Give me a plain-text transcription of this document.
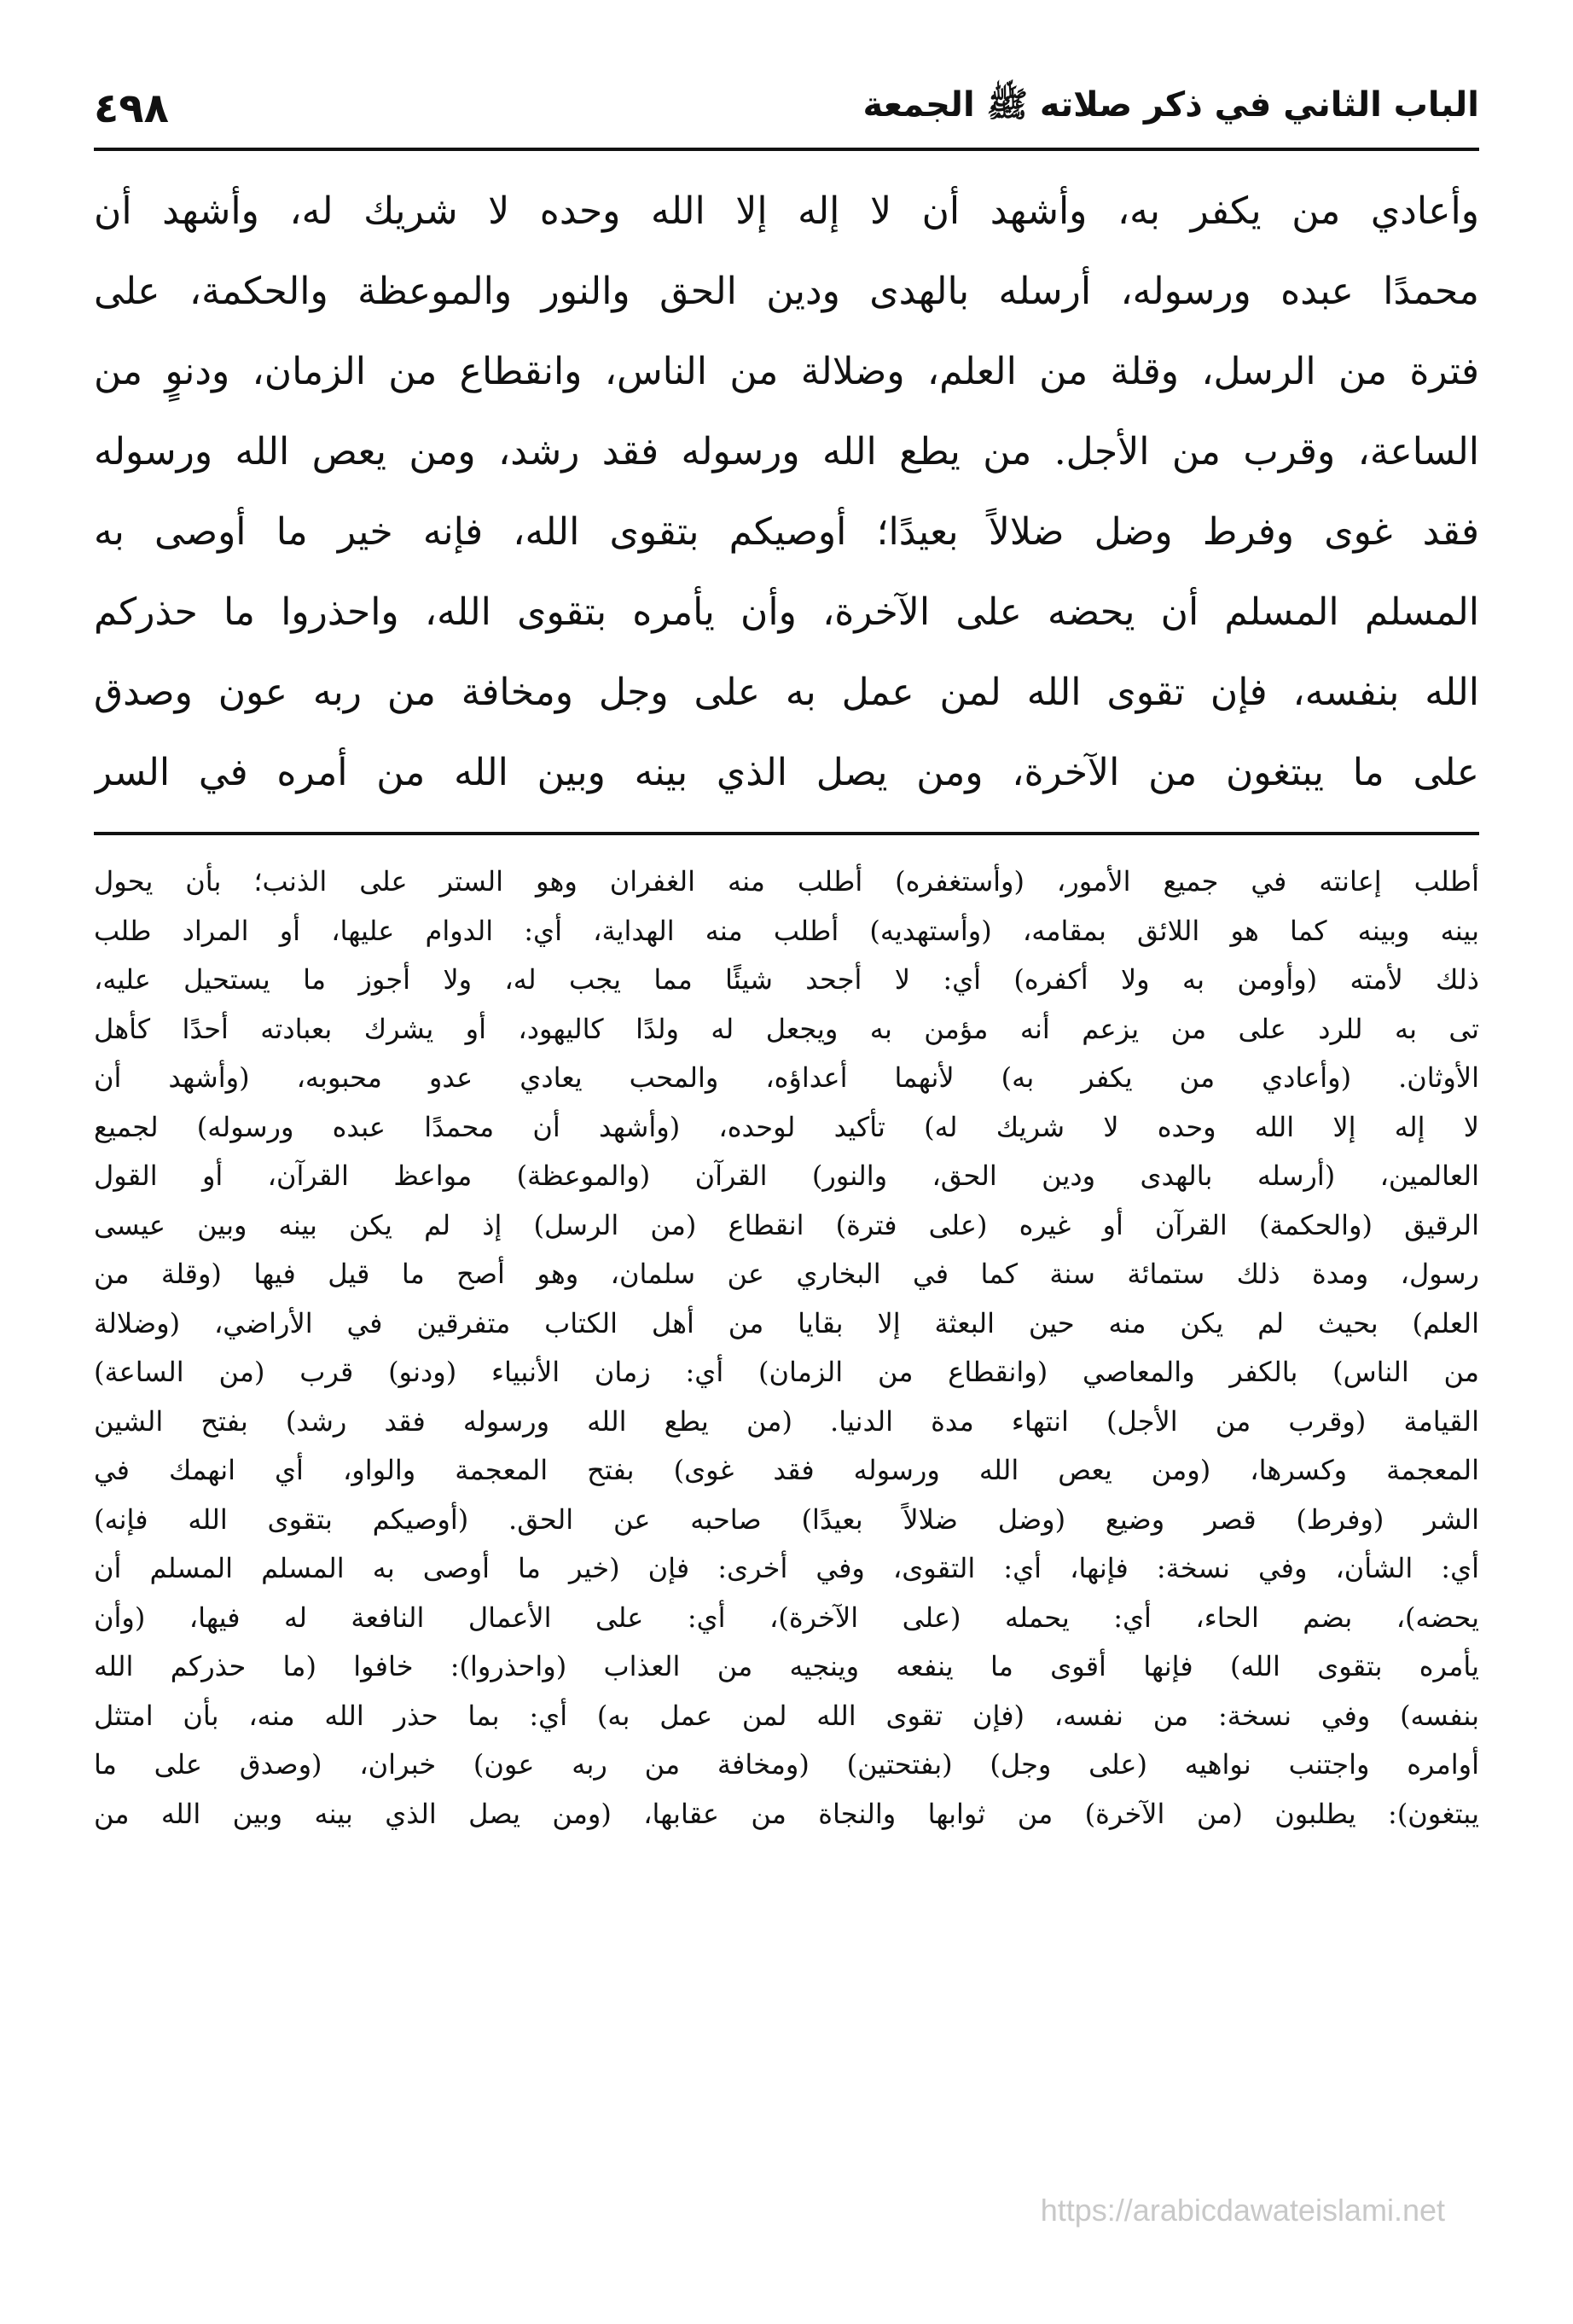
الباب الثاني في ذكر صلاته ﷺ الجمعة
٤٩٨
وأعادي من يكفر به، وأشهد أن لا إله إلا الله وحده لا شريك له، وأشهد أن
محمدًا عبده ورسوله، أرسله بالهدى ودين الحق والنور والموعظة والحكمة، على
فترة من الرسل، وقلة من العلم، وضلالة من الناس، وانقطاع من الزمان، ودنوٍ من
الساعة، وقرب من الأجل. من يطع الله ورسوله فقد رشد، ومن يعص الله ورسوله
فقد غوى وفرط وضل ضلالاً بعيدًا؛ أوصيكم بتقوى الله، فإنه خير ما أوصى به
المسلم المسلم أن يحضه على الآخرة، وأن يأمره بتقوى الله، واحذروا ما حذركم
الله بنفسه، فإن تقوى الله لمن عمل به على وجل ومخافة من ربه عون وصدق
على ما يبتغون من الآخرة، ومن يصل الذي بينه وبين الله من أمره في السر
أطلب إعانته في جميع الأمور، (وأستغفره) أطلب منه الغفران وهو الستر على الذنب؛ بأن يحول
بينه وبينه كما هو اللائق بمقامه، (وأستهديه) أطلب منه الهداية، أي: الدوام عليها، أو المراد طلب
ذلك لأمته (وأومن به ولا أكفره) أي: لا أجحد شيئًا مما يجب له، ولا أجوز ما يستحيل عليه،
تى به للرد على من يزعم أنه مؤمن به ويجعل له ولدًا كاليهود، أو يشرك بعبادته أحدًا كأهل
الأوثان. (وأعادي من يكفر به) لأنهما أعداؤه، والمحب يعادي عدو محبوبه، (وأشهد أن
لا إله إلا الله وحده لا شريك له) تأكيد لوحده، (وأشهد أن محمدًا عبده ورسوله) لجميع
العالمين، (أرسله بالهدى ودين الحق، والنور) القرآن (والموعظة) مواعظ القرآن، أو القول
الرقيق (والحكمة) القرآن أو غيره (على فترة) انقطاع (من الرسل) إذ لم يكن بينه وبين عيسى
رسول، ومدة ذلك ستمائة سنة كما في البخاري عن سلمان، وهو أصح ما قيل فيها (وقلة من
العلم) بحيث لم يكن منه حين البعثة إلا بقايا من أهل الكتاب متفرقين في الأراضي، (وضلالة
من الناس) بالكفر والمعاصي (وانقطاع من الزمان) أي: زمان الأنبياء (ودنو) قرب (من الساعة)
القيامة (وقرب من الأجل) انتهاء مدة الدنيا. (من يطع الله ورسوله فقد رشد) بفتح الشين
المعجمة وكسرها، (ومن يعص الله ورسوله فقد غوى) بفتح المعجمة والواو، أي انهمك في
الشر (وفرط) قصر وضيع (وضل ضلالاً بعيدًا) صاحبه عن الحق. (أوصيكم بتقوى الله فإنه)
أي: الشأن، وفي نسخة: فإنها، أي: التقوى، وفي أخرى: فإن (خير ما أوصى به المسلم المسلم أن
يحضه)، بضم الحاء، أي: يحمله (على الآخرة)، أي: على الأعمال النافعة له فيها، (وأن
يأمره بتقوى الله) فإنها أقوى ما ينفعه وينجيه من العذاب (واحذروا): خافوا (ما حذركم الله
بنفسه) وفي نسخة: من نفسه، (فإن تقوى الله لمن عمل به) أي: بما حذر الله منه، بأن امتثل
أوامره واجتنب نواهيه (على وجل) (بفتحتين) (ومخافة من ربه عون) خبران، (وصدق على ما
يبتغون): يطلبون (من الآخرة) من ثوابها والنجاة من عقابها، (ومن يصل الذي بينه وبين الله من
https://arabicdawateislami.net
